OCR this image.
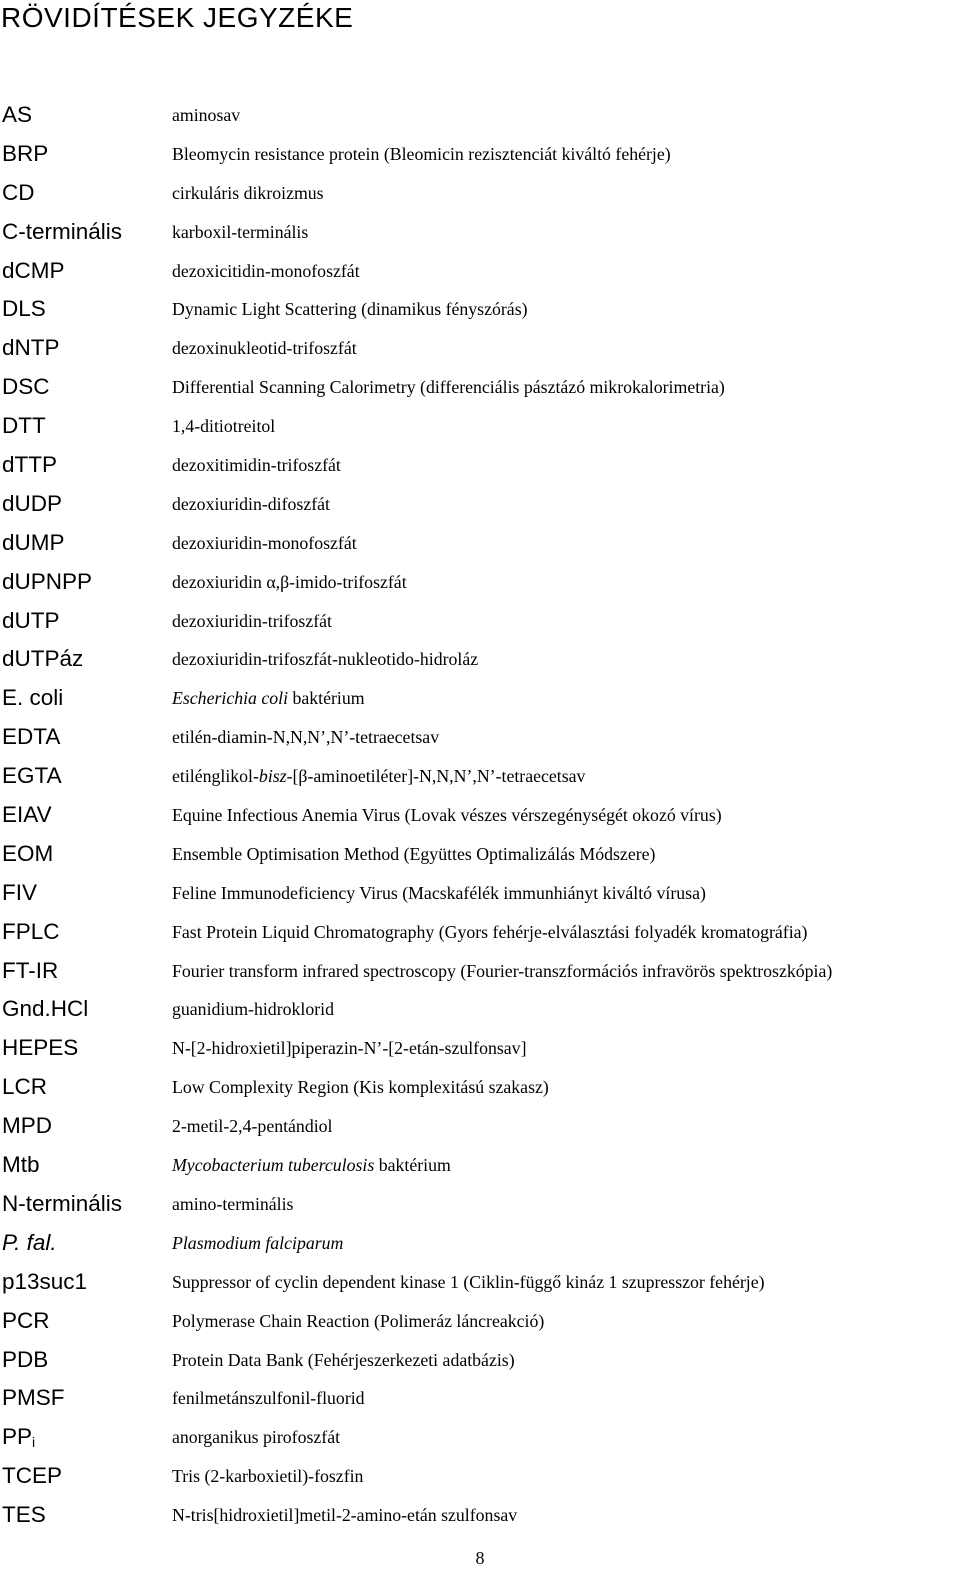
RÖVIDÍTÉSEK JEGYZÉKE
AS	aminosav
BRP	Bleomycin resistance protein (Bleomicin rezisztenciát kiváltó fehérje)
CD	cirkuláris dikroizmus
C-terminális	karboxil-terminális
dCMP	dezoxicitidin-monofoszfát
DLS	Dynamic Light Scattering (dinamikus fényszórás)
dNTP	dezoxinukleotid-trifoszfát
DSC	Differential Scanning Calorimetry (differenciális pásztázó mikrokalorimetria)
DTT	1,4-ditiotreitol
dTTP	dezoxitimidin-trifoszfát
dUDP	dezoxiuridin-difoszfát
dUMP	dezoxiuridin-monofoszfát
dUPNPP	dezoxiuridin α,β-imido-trifoszfát
dUTP	dezoxiuridin-trifoszfát
dUTPáz	dezoxiuridin-trifoszfát-nukleotido-hidroláz
E. coli	Escherichia coli baktérium
EDTA	etilén-diamin-N,N,N’,N’-tetraecetsav
EGTA	etilénglikol-bisz-[β-aminoetiléter]-N,N,N’,N’-tetraecetsav
EIAV	Equine Infectious Anemia Virus (Lovak vészes vérszegénységét okozó vírus)
EOM	Ensemble Optimisation Method (Együttes Optimalizálás Módszere)
FIV	Feline Immunodeficiency Virus (Macskafélék immunhiányt kiváltó vírusa)
FPLC	Fast Protein Liquid Chromatography (Gyors fehérje-elválasztási folyadék kromatográfia)
FT-IR	Fourier transform infrared spectroscopy (Fourier-transzformációs infravörös spektroszkópia)
Gnd.HCl	guanidium-hidroklorid
HEPES	N-[2-hidroxietil]piperazin-N’-[2-etán-szulfonsav]
LCR	Low Complexity Region (Kis komplexitású szakasz)
MPD	2-metil-2,4-pentándiol
Mtb	Mycobacterium tuberculosis baktérium
N-terminális	amino-terminális
P. fal.	Plasmodium falciparum
p13suc1	Suppressor of cyclin dependent kinase 1 (Ciklin-függő kináz 1 szupresszor fehérje)
PCR	Polymerase Chain Reaction (Polimeráz láncreakció)
PDB	Protein Data Bank (Fehérjeszerkezeti adatbázis)
PMSF	fenilmetánszulfonil-fluorid
$PP_i$	anorganikus pirofoszfát
TCEP	Tris (2-karboxietil)-foszfin
TES	N-tris[hidroxietil]metil-2-amino-etán szulfonsav
8
